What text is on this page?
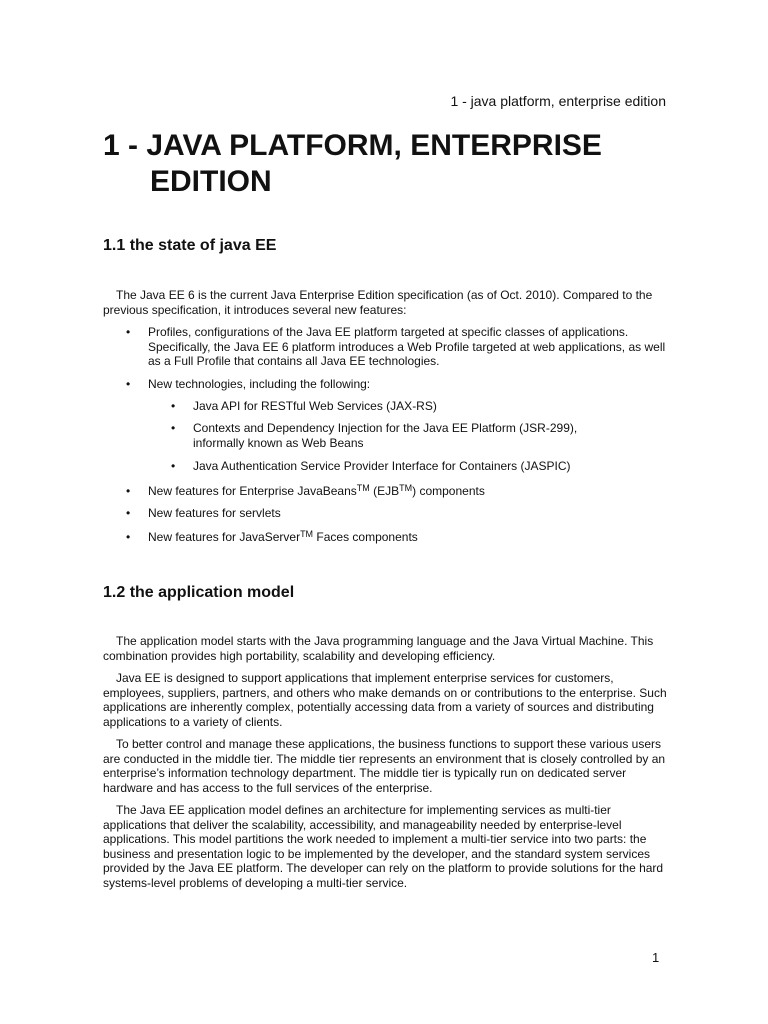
1 - java platform, enterprise edition
1 - JAVA PLATFORM, ENTERPRISE
EDITION
1.1 the state of java EE

The Java EE 6 is the current Java Enterprise Edition specification (as of Oct. 2010). Compared to the previous specification, it introduces several new features:

• Profiles, configurations of the Java EE platform targeted at specific classes of applications. Specifically, the Java EE 6 platform introduces a Web Profile targeted at web applications, as well as a Full Profile that contains all Java EE technologies.

• New technologies, including the following:

• Java API for RESTful Web Services (JAX-RS)

• Contexts and Dependency Injection for the Java EE Platform (JSR-299), informally known as Web Beans

• Java Authentication Service Provider Interface for Containers (JASPIC)

• New features for Enterprise JavaBeans™ (EJB™) components

• New features for servlets

• New features for JavaServer™ Faces components

1.2 the application model

The application model starts with the Java programming language and the Java Virtual Machine. This combination provides high portability, scalability and developing efficiency.

Java EE is designed to support applications that implement enterprise services for customers, employees, suppliers, partners, and others who make demands on or contributions to the enterprise. Such applications are inherently complex, potentially accessing data from a variety of sources and distributing applications to a variety of clients.

To better control and manage these applications, the business functions to support these various users are conducted in the middle tier. The middle tier represents an environment that is closely controlled by an enterprise’s information technology department. The middle tier is typically run on dedicated server hardware and has access to the full services of the enterprise.

The Java EE application model defines an architecture for implementing services as multi-tier applications that deliver the scalability, accessibility, and manageability needed by enterprise-level applications. This model partitions the work needed to implement a multi-tier service into two parts: the business and presentation logic to be implemented by the developer, and the standard system services provided by the Java EE platform. The developer can rely on the platform to provide solutions for the hard systems-level problems of developing a multi-tier service.

1
